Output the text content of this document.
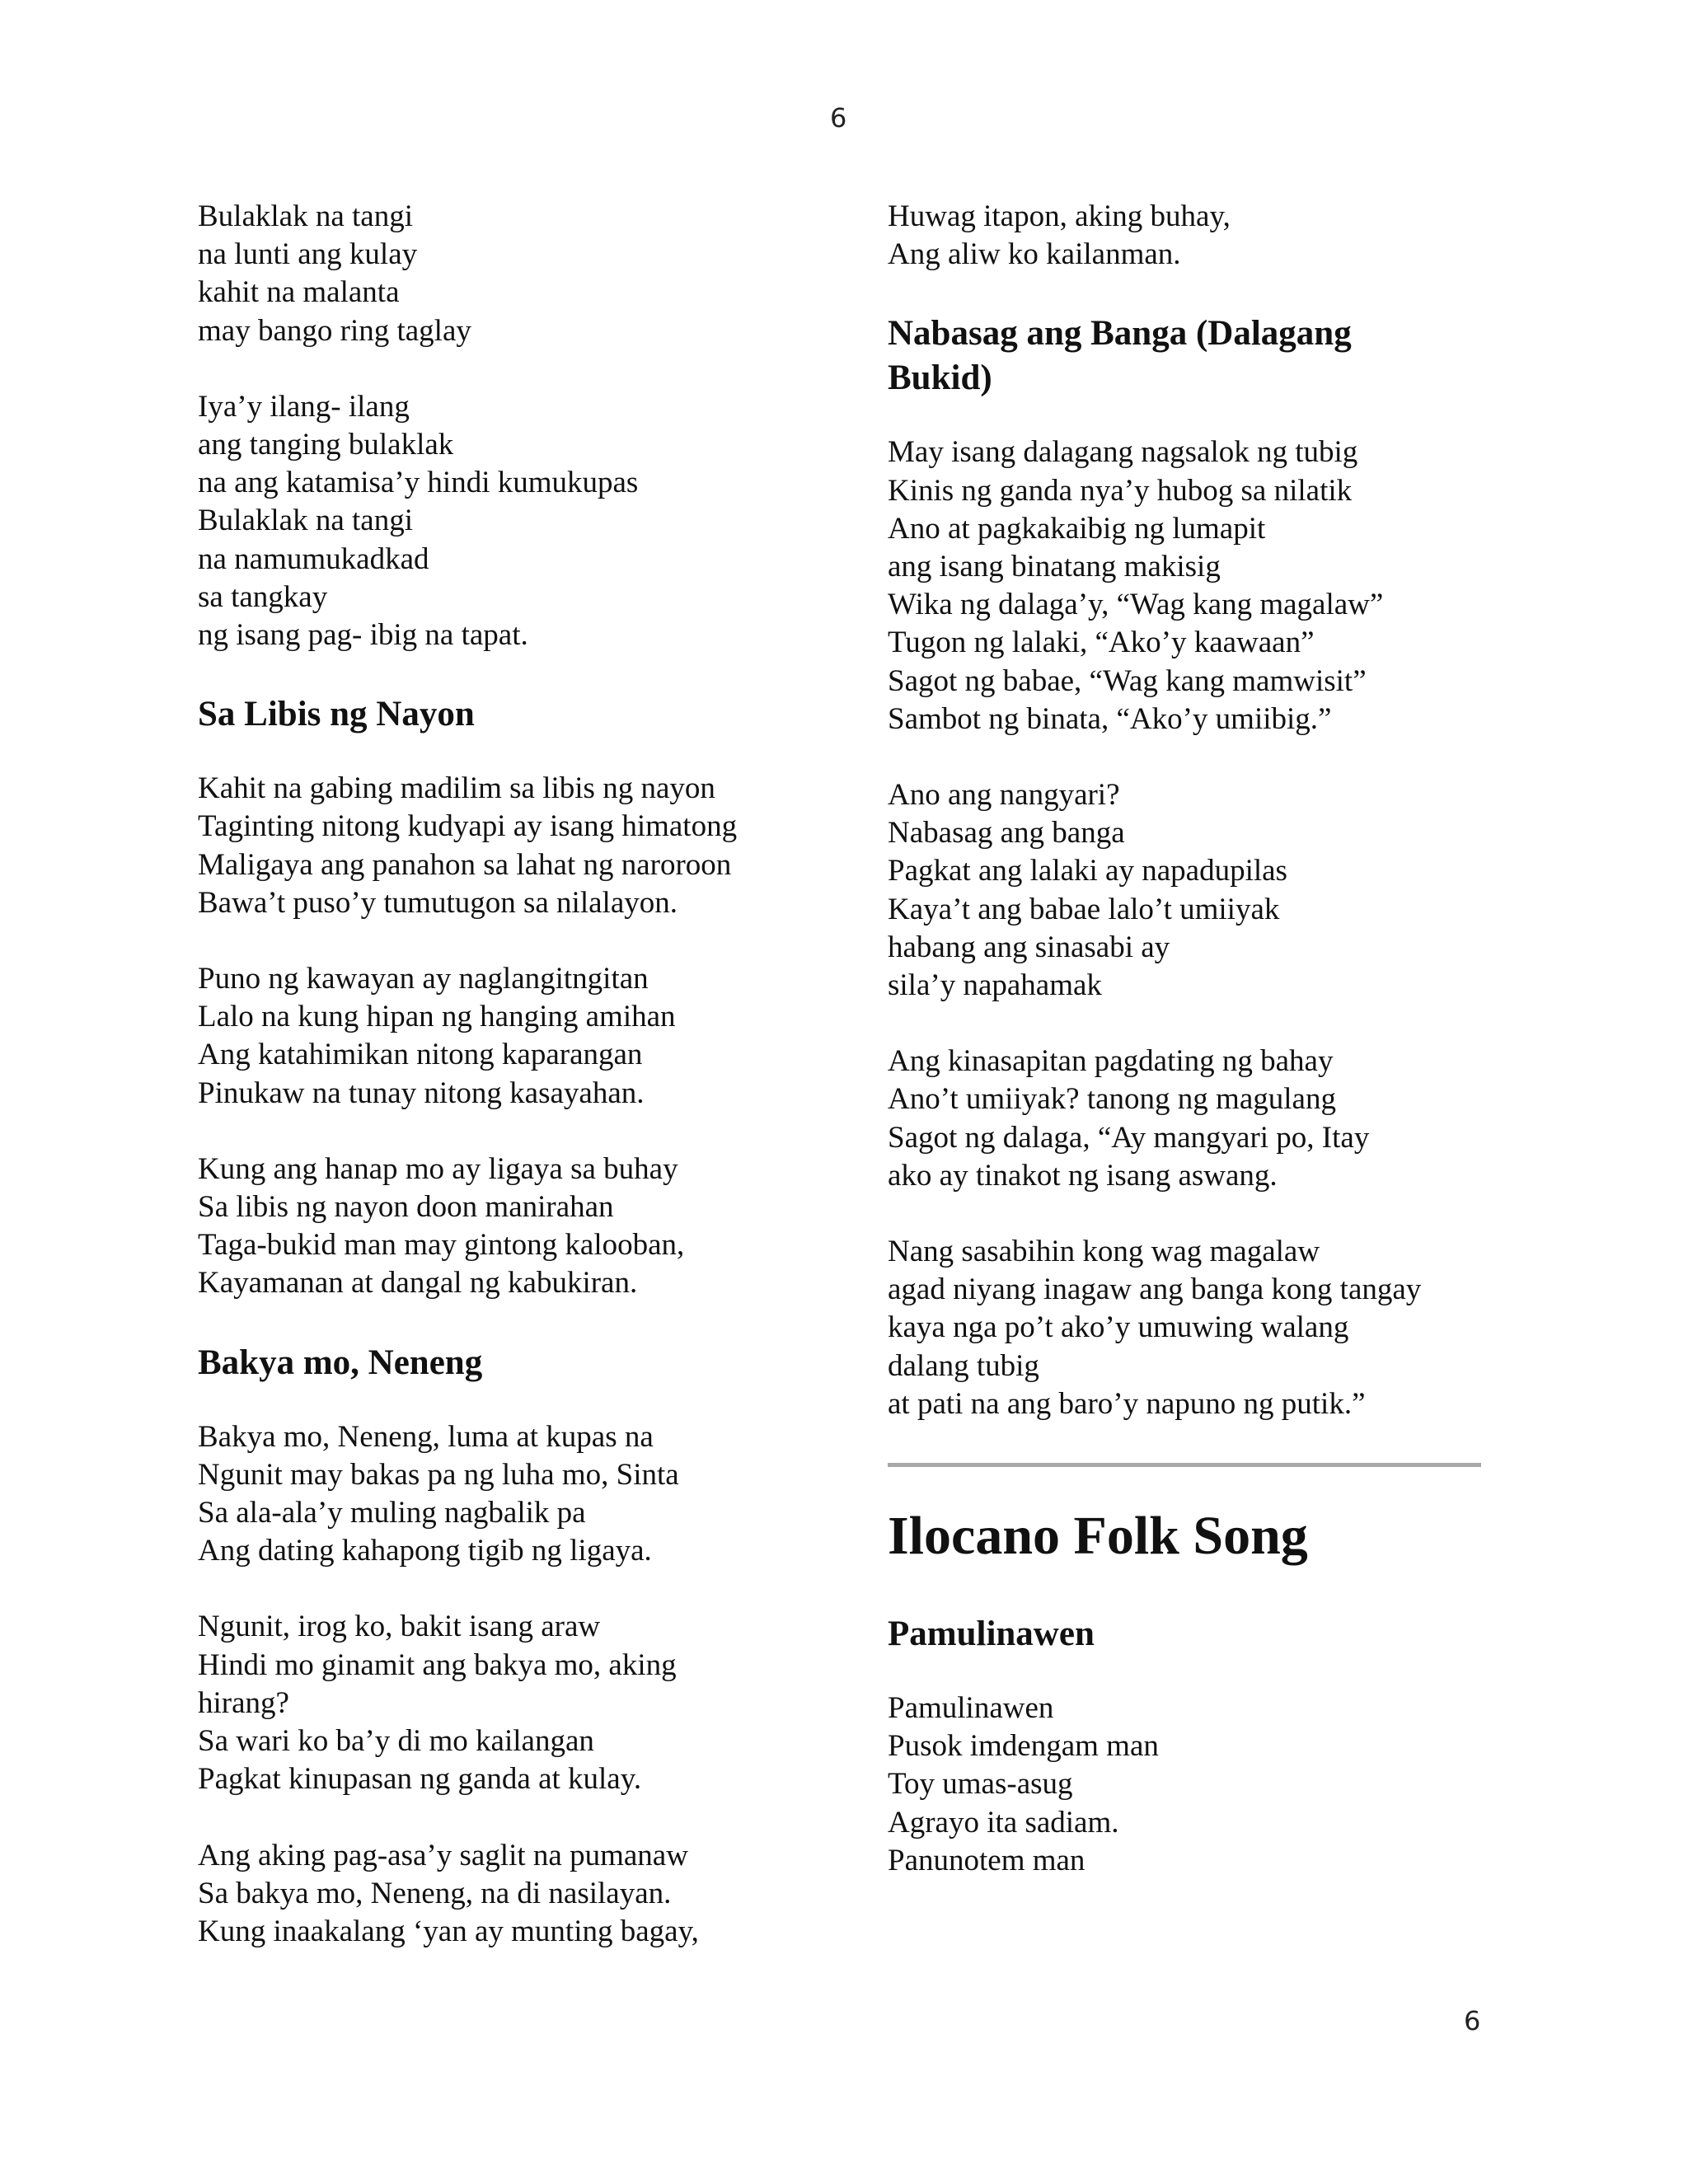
6
Bulaklak na tangi
na lunti ang kulay
kahit na malanta
may bango ring taglay
Iya’y ilang- ilang
ang tanging bulaklak
na ang katamisa’y hindi kumukupas
Bulaklak na tangi
na namumukadkad
sa tangkay
ng isang pag- ibig na tapat.
Sa Libis ng Nayon
Kahit na gabing madilim sa libis ng nayon
Taginting nitong kudyapi ay isang himatong
Maligaya ang panahon sa lahat ng naroroon
Bawa’t puso’y tumutugon sa nilalayon.
Puno ng kawayan ay naglangitngitan
Lalo na kung hipan ng hanging amihan
Ang katahimikan nitong kaparangan
Pinukaw na tunay nitong kasayahan.
Kung ang hanap mo ay ligaya sa buhay
Sa libis ng nayon doon manirahan
Taga-bukid man may gintong kalooban,
Kayamanan at dangal ng kabukiran.
Bakya mo, Neneng
Bakya mo, Neneng, luma at kupas na
Ngunit may bakas pa ng luha mo, Sinta
Sa ala-ala’y muling nagbalik pa
Ang dating kahapong tigib ng ligaya.
Ngunit, irog ko, bakit isang araw
Hindi mo ginamit ang bakya mo, aking
hirang?
Sa wari ko ba’y di mo kailangan
Pagkat kinupasan ng ganda at kulay.
Ang aking pag-asa’y saglit na pumanaw
Sa bakya mo, Neneng, na di nasilayan.
Kung inaakalang ‘yan ay munting bagay,
Huwag itapon, aking buhay,
Ang aliw ko kailanman.
Nabasag ang Banga (Dalagang
Bukid)
May isang dalagang nagsalok ng tubig
Kinis ng ganda nya’y hubog sa nilatik
Ano at pagkakaibig ng lumapit
ang isang binatang makisig
Wika ng dalaga’y, “Wag kang magalaw”
Tugon ng lalaki, “Ako’y kaawaan”
Sagot ng babae, “Wag kang mamwisit”
Sambot ng binata, “Ako’y umiibig.”
Ano ang nangyari?
Nabasag ang banga
Pagkat ang lalaki ay napadupilas
Kaya’t ang babae lalo’t umiiyak
habang ang sinasabi ay
sila’y napahamak
Ang kinasapitan pagdating ng bahay
Ano’t umiiyak? tanong ng magulang
Sagot ng dalaga, “Ay mangyari po, Itay
ako ay tinakot ng isang aswang.
Nang sasabihin kong wag magalaw
agad niyang inagaw ang banga kong tangay
kaya nga po’t ako’y umuwing walang
dalang tubig
at pati na ang baro’y napuno ng putik.”
Ilocano Folk Song
Pamulinawen
Pamulinawen
Pusok imdengam man
Toy umas-asug
Agrayo ita sadiam.
Panunotem man
6
